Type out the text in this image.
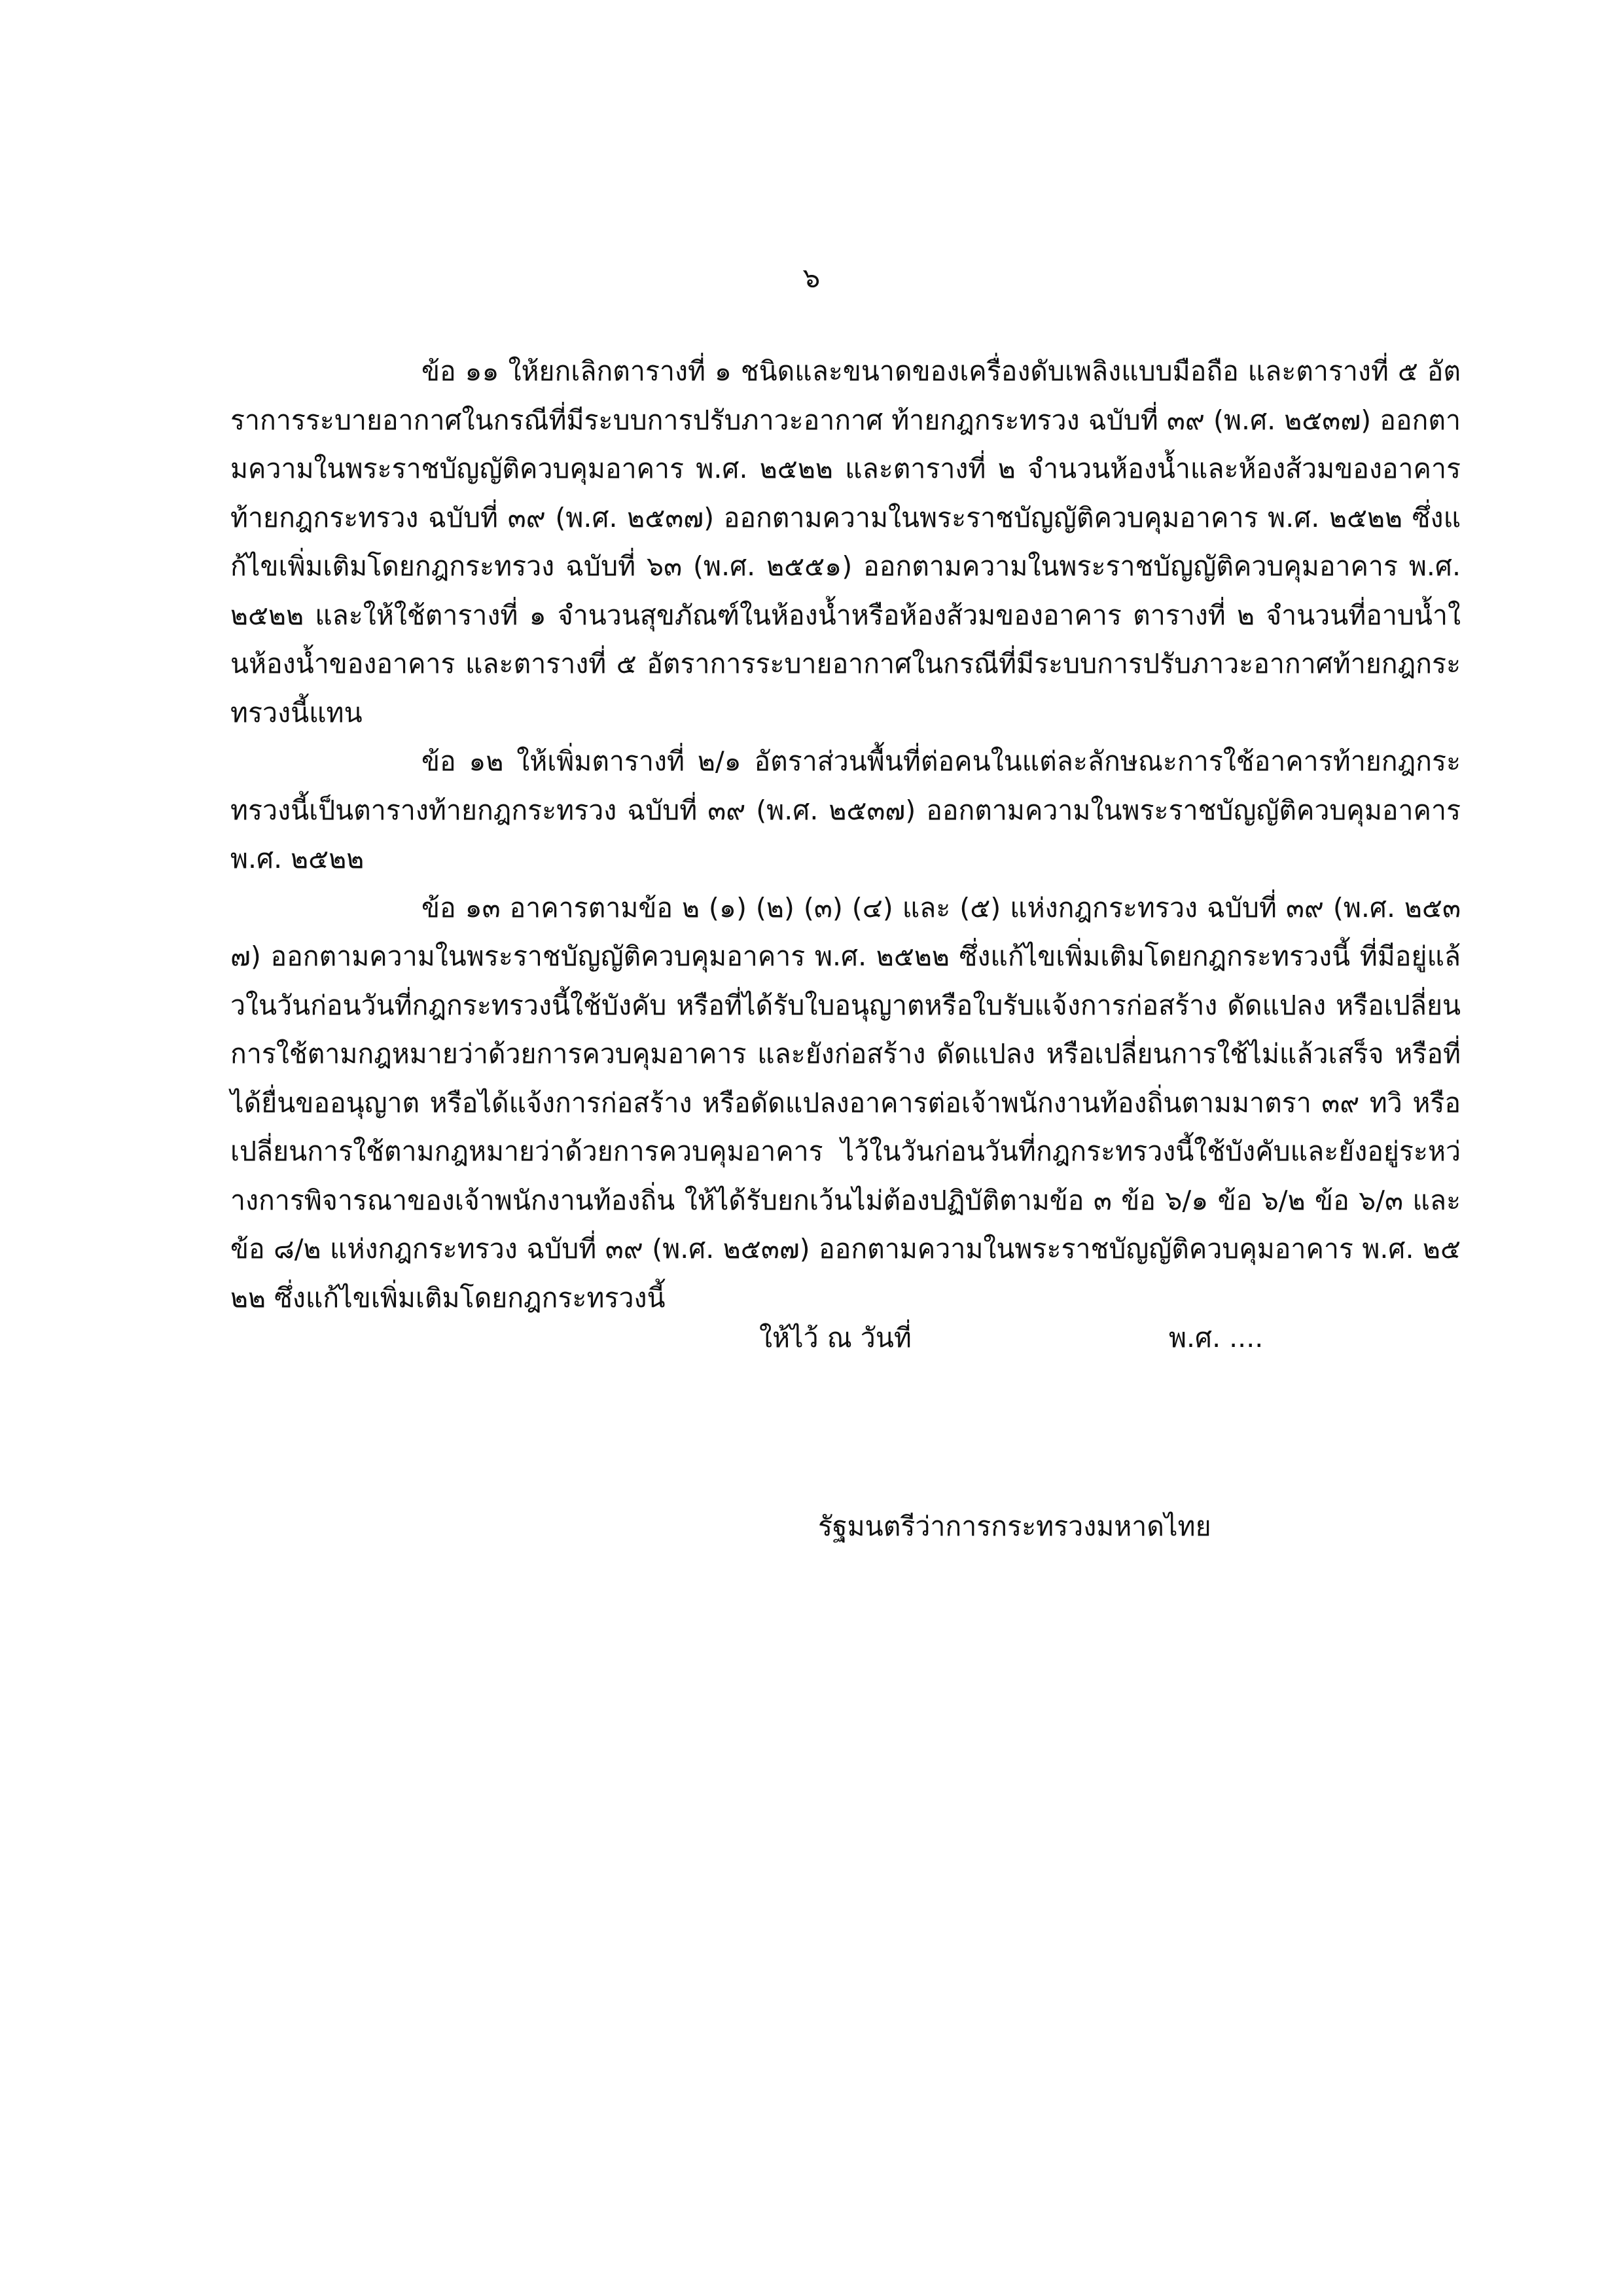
๖

ข้อ ๑๑ ให้ยกเลิกตารางที่ ๑ ชนิดและขนาดของเครื่องดับเพลิงแบบมือถือ และตารางที่ ๕ อัตราการระบายอากาศในกรณีที่มีระบบการปรับภาวะอากาศ ท้ายกฎกระทรวง ฉบับที่ ๓๙ (พ.ศ. ๒๕๓๗) ออกตามความในพระราชบัญญัติควบคุมอาคาร พ.ศ. ๒๕๒๒ และตารางที่ ๒ จำนวนห้องน้ำและห้องส้วมของอาคาร ท้ายกฎกระทรวง ฉบับที่ ๓๙ (พ.ศ. ๒๕๓๗) ออกตามความในพระราชบัญญัติควบคุมอาคาร พ.ศ. ๒๕๒๒ ซึ่งแก้ไขเพิ่มเติมโดยกฎกระทรวง ฉบับที่ ๖๓ (พ.ศ. ๒๕๕๑) ออกตามความในพระราชบัญญัติควบคุมอาคาร พ.ศ. ๒๕๒๒ และให้ใช้ตารางที่ ๑ จำนวนสุขภัณฑ์ในห้องน้ำหรือห้องส้วมของอาคาร ตารางที่ ๒ จำนวนที่อาบน้ำในห้องน้ำของอาคาร และตารางที่ ๕ อัตราการระบายอากาศในกรณีที่มีระบบการปรับภาวะอากาศท้ายกฎกระทรวงนี้แทน

ข้อ ๑๒ ให้เพิ่มตารางที่ ๒/๑ อัตราส่วนพื้นที่ต่อคนในแต่ละลักษณะการใช้อาคารท้ายกฎกระทรวงนี้เป็นตารางท้ายกฎกระทรวง ฉบับที่ ๓๙ (พ.ศ. ๒๕๓๗) ออกตามความในพระราชบัญญัติควบคุมอาคาร พ.ศ. ๒๕๒๒

ข้อ ๑๓ อาคารตามข้อ ๒ (๑) (๒) (๓) (๔) และ (๕) แห่งกฎกระทรวง ฉบับที่ ๓๙ (พ.ศ. ๒๕๓๗) ออกตามความในพระราชบัญญัติควบคุมอาคาร พ.ศ. ๒๕๒๒ ซึ่งแก้ไขเพิ่มเติมโดยกฎกระทรวงนี้ ที่มีอยู่แล้วในวันก่อนวันที่กฎกระทรวงนี้ใช้บังคับ หรือที่ได้รับใบอนุญาตหรือใบรับแจ้งการก่อสร้าง ดัดแปลง หรือเปลี่ยนการใช้ตามกฎหมายว่าด้วยการควบคุมอาคาร และยังก่อสร้าง ดัดแปลง หรือเปลี่ยนการใช้ไม่แล้วเสร็จ หรือที่ได้ยื่นขออนุญาต หรือได้แจ้งการก่อสร้าง หรือดัดแปลงอาคารต่อเจ้าพนักงานท้องถิ่นตามมาตรา ๓๙ ทวิ หรือเปลี่ยนการใช้ตามกฎหมายว่าด้วยการควบคุมอาคาร ไว้ในวันก่อนวันที่กฎกระทรวงนี้ใช้บังคับและยังอยู่ระหว่างการพิจารณาของเจ้าพนักงานท้องถิ่น ให้ได้รับยกเว้นไม่ต้องปฏิบัติตามข้อ ๓ ข้อ ๖/๑ ข้อ ๖/๒ ข้อ ๖/๓ และข้อ ๘/๒ แห่งกฎกระทรวง ฉบับที่ ๓๙ (พ.ศ. ๒๕๓๗) ออกตามความในพระราชบัญญัติควบคุมอาคาร พ.ศ. ๒๕๒๒ ซึ่งแก้ไขเพิ่มเติมโดยกฎกระทรวงนี้

ให้ไว้ ณ วันที่	พ.ศ. ....
รัฐมนตรีว่าการกระทรวงมหาดไทย
